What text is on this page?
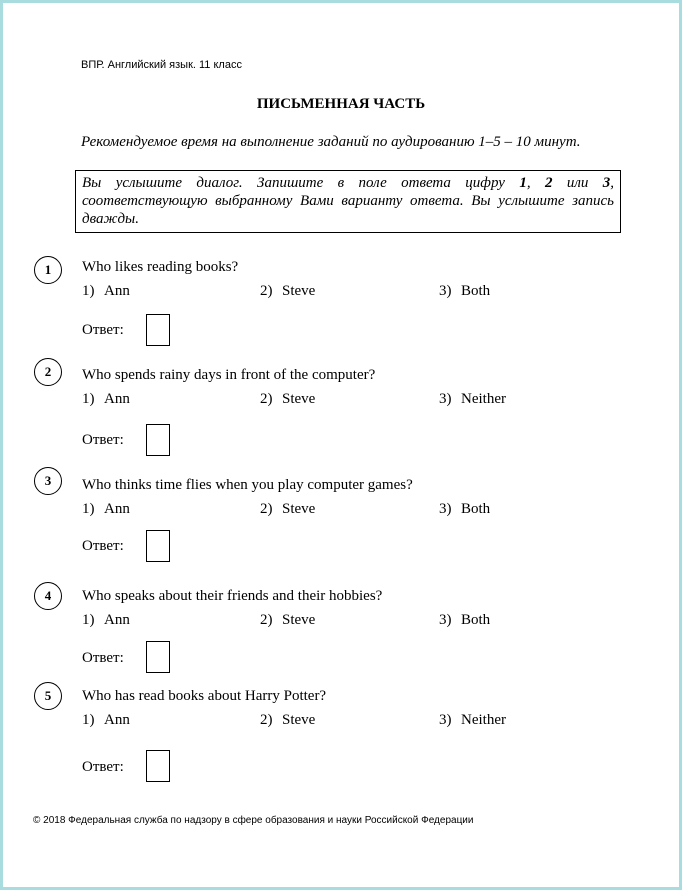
ВПР. Английский язык. 11 класс
ПИСЬМЕННАЯ ЧАСТЬ
Рекомендуемое время на выполнение заданий по аудированию 1–5 – 10 минут.
Вы услышите диалог. Запишите в поле ответа цифру 1, 2 или 3, соответствующую выбранному Вами варианту ответа. Вы услышите запись дважды.
1	Who likes reading books?
1) Ann	2) Steve	3) Both
Ответ:
2	Who spends rainy days in front of the computer?
1) Ann	2) Steve	3) Neither
Ответ:
3	Who thinks time flies when you play computer games?
1) Ann	2) Steve	3) Both
Ответ:
4	Who speaks about their friends and their hobbies?
1) Ann	2) Steve	3) Both
Ответ:
5	Who has read books about Harry Potter?
1) Ann	2) Steve	3) Neither
Ответ:
© 2018 Федеральная служба по надзору в сфере образования и науки Российской Федерации
